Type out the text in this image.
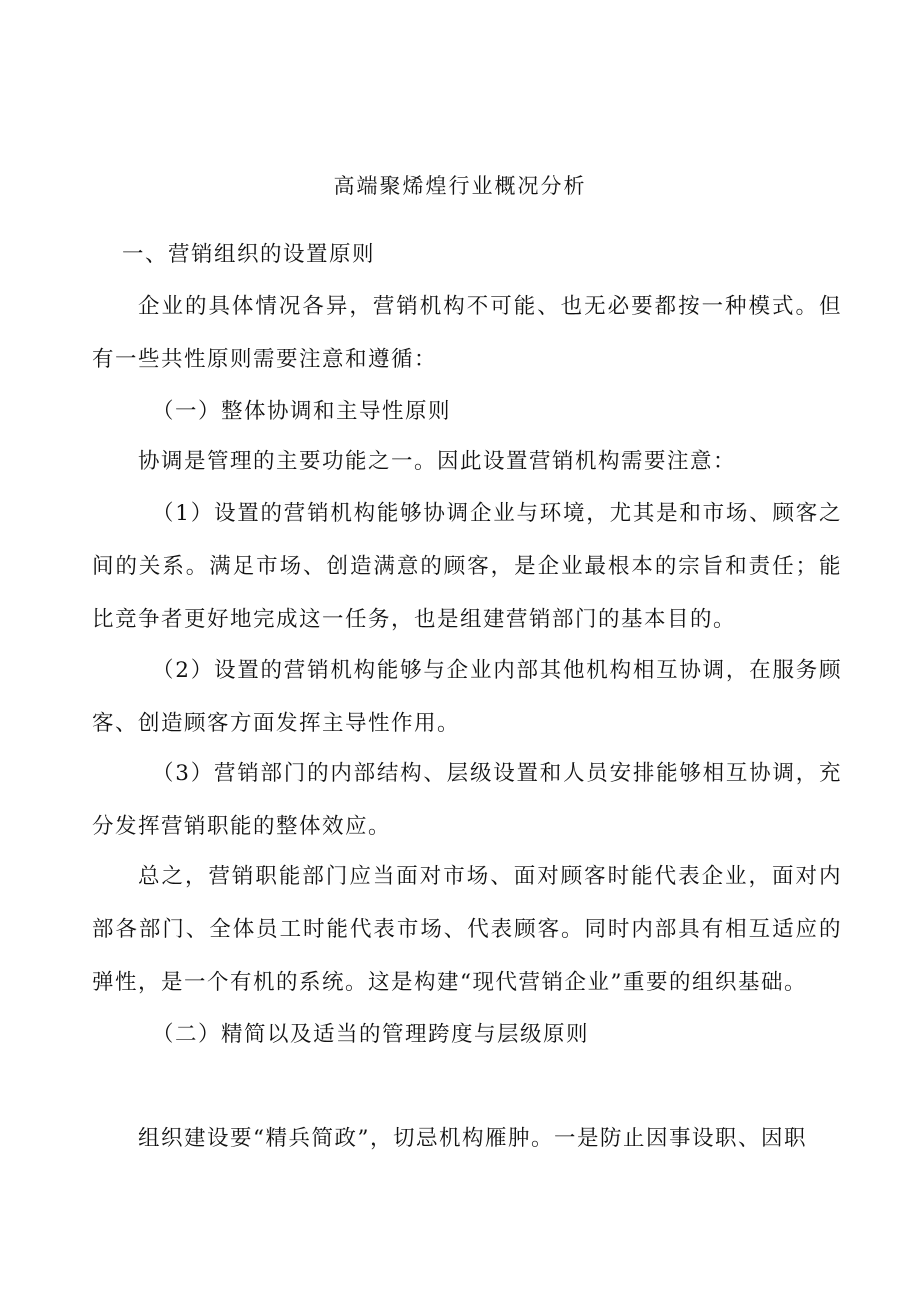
高端聚烯煌行业概况分析
一、营销组织的设置原则
企业的具体情况各异，营销机构不可能、也无必要都按一种模式。但有一些共性原则需要注意和遵循：
（一）整体协调和主导性原则
协调是管理的主要功能之一。因此设置营销机构需要注意：
（1）设置的营销机构能够协调企业与环境，尤其是和市场、顾客之间的关系。满足市场、创造满意的顾客，是企业最根本的宗旨和责任；能比竞争者更好地完成这一任务，也是组建营销部门的基本目的。
（2）设置的营销机构能够与企业内部其他机构相互协调，在服务顾客、创造顾客方面发挥主导性作用。
（3）营销部门的内部结构、层级设置和人员安排能够相互协调，充分发挥营销职能的整体效应。
总之，营销职能部门应当面对市场、面对顾客时能代表企业，面对内部各部门、全体员工时能代表市场、代表顾客。同时内部具有相互适应的弹性，是一个有机的系统。这是构建“现代营销企业”重要的组织基础。
（二）精简以及适当的管理跨度与层级原则
组织建设要“精兵简政”，切忌机构雁肿。一是防止因事设职、因职
